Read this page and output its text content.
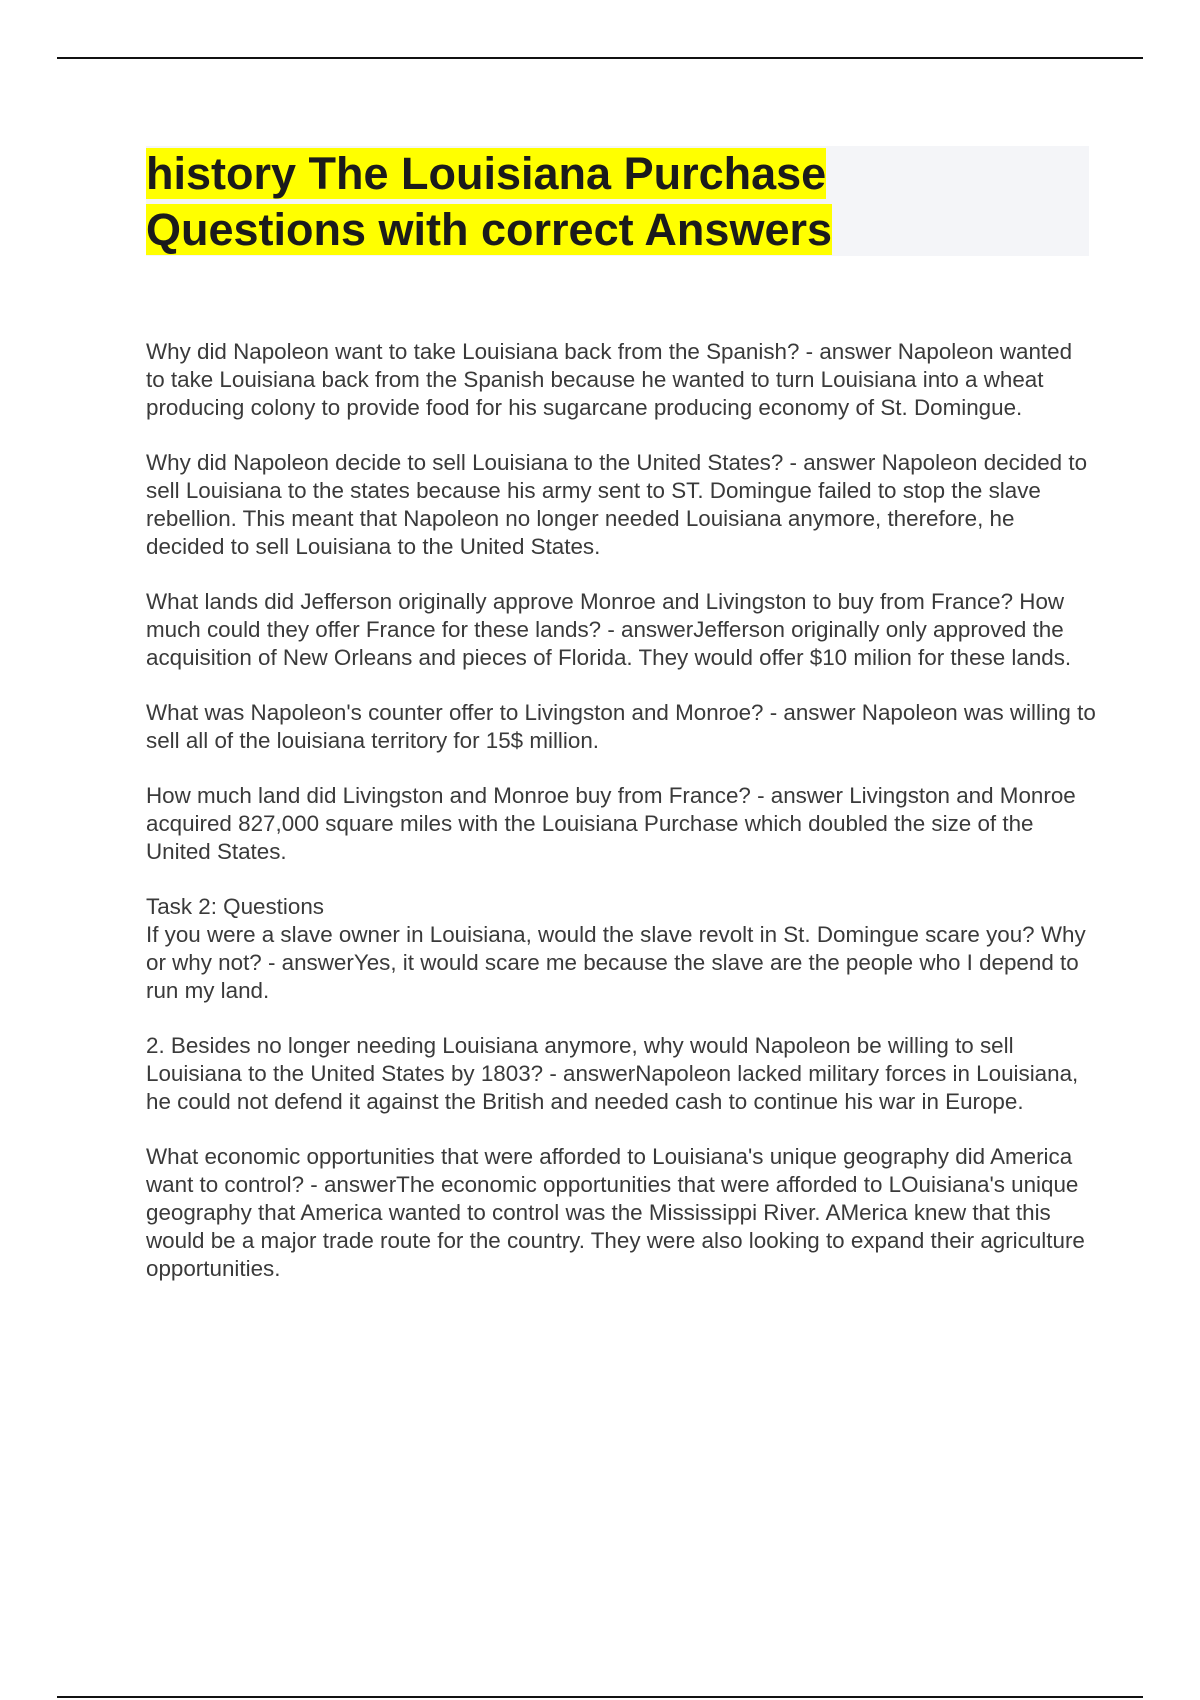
history The Louisiana Purchase
Questions with correct Answers

Why did Napoleon want to take Louisiana back from the Spanish? - answer Napoleon wanted to take Louisiana back from the Spanish because he wanted to turn Louisiana into a wheat producing colony to provide food for his sugarcane producing economy of St. Domingue.

Why did Napoleon decide to sell Louisiana to the United States? - answer Napoleon decided to sell Louisiana to the states because his army sent to ST. Domingue failed to stop the slave rebellion. This meant that Napoleon no longer needed Louisiana anymore, therefore, he decided to sell Louisiana to the United States.

What lands did Jefferson originally approve Monroe and Livingston to buy from France? How much could they offer France for these lands? - answerJefferson originally only approved the acquisition of New Orleans and pieces of Florida. They would offer $10 milion for these lands.

What was Napoleon's counter offer to Livingston and Monroe? - answer Napoleon was willing to sell all of the louisiana territory for 15$ million.

How much land did Livingston and Monroe buy from France? - answer Livingston and Monroe acquired 827,000 square miles with the Louisiana Purchase which doubled the size of the United States.

Task 2: Questions
If you were a slave owner in Louisiana, would the slave revolt in St. Domingue scare you? Why or why not? - answerYes, it would scare me because the slave are the people who I depend to run my land.

2. Besides no longer needing Louisiana anymore, why would Napoleon be willing to sell Louisiana to the United States by 1803? - answerNapoleon lacked military forces in Louisiana, he could not defend it against the British and needed cash to continue his war in Europe.

What economic opportunities that were afforded to Louisiana's unique geography did America want to control? - answerThe economic opportunities that were afforded to LOuisiana's unique geography that America wanted to control was the Mississippi River. AMerica knew that this would be a major trade route for the country. They were also looking to expand their agriculture opportunities.
